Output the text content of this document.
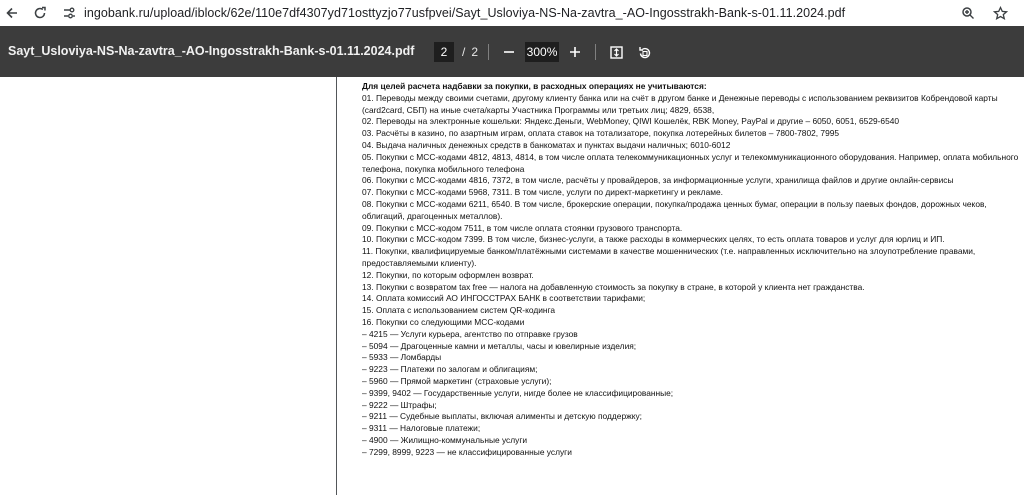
ingobank.ru/upload/iblock/62e/110e7df4307yd71osttyzjo77usfpvei/Sayt_Usloviya-NS-Na-zavtra_-AO-Ingosstrakh-Bank-s-01.11.2024.pdf
Sayt_Usloviya-NS-Na-zavtra_-AO-Ingosstrakh-Bank-s-01.11.2024.pdf	2	/ 2	300%
Для целей расчета надбавки за покупки, в расходных операциях не учитываются:
01. Переводы между своими счетами, другому клиенту банка или на счёт в другом банке и Денежные переводы с использованием реквизитов Кобрендовой карты (card2card, СБП) на иные счета/карты Участника Программы или третьих лиц; 4829, 6538,
02. Переводы на электронные кошельки: Яндекс.Деньги, WebMoney, QIWI Кошелёк, RBK Money, PayPal и другие – 6050, 6051, 6529-6540
03. Расчёты в казино, по азартным играм, оплата ставок на тотализаторе, покупка лотерейных билетов – 7800-7802, 7995
04. Выдача наличных денежных средств в банкоматах и пунктах выдачи наличных; 6010-6012
05. Покупки с МСС-кодами 4812, 4813, 4814, в том числе оплата телекоммуникационных услуг и телекоммуникационного оборудования. Например, оплата мобильного телефона, покупка мобильного телефона
06. Покупки с МСС-кодами 4816, 7372, в том числе, расчёты у провайдеров, за информационные услуги, хранилища файлов и другие онлайн-сервисы
07. Покупки с МСС-кодами 5968, 7311. В том числе, услуги по директ-маркетингу и рекламе.
08. Покупки с МСС-кодами 6211, 6540. В том числе, брокерские операции, покупка/продажа ценных бумаг, операции в пользу паевых фондов, дорожных чеков, облигаций, драгоценных металлов).
09. Покупки с МСС-кодом 7511, в том числе оплата стоянки грузового транспорта.
10. Покупки с МСС-кодом 7399. В том числе, бизнес-услуги, а также расходы в коммерческих целях, то есть оплата товаров и услуг для юрлиц и ИП.
11. Покупки, квалифицируемые банком/платёжными системами в качестве мошеннических (т.е. направленных исключительно на злоупотребление правами, предоставляемыми клиенту).
12. Покупки, по которым оформлен возврат.
13. Покупки с возвратом tax free — налога на добавленную стоимость за покупку в стране, в которой у клиента нет гражданства.
14. Оплата комиссий АО ИНГОССТРАХ БАНК в соответствии тарифами;
15. Оплата с использованием систем QR-кодинга
16. Покупки со следующими МСС-кодами
– 4215 — Услуги курьера, агентство по отправке грузов
– 5094 — Драгоценные камни и металлы, часы и ювелирные изделия;
– 5933 — Ломбарды
– 9223 — Платежи по залогам и облигациям;
– 5960 — Прямой маркетинг (страховые услуги);
– 9399, 9402 — Государственные услуги, нигде более не классифицированные;
– 9222 — Штрафы;
– 9211 — Судебные выплаты, включая алименты и детскую поддержку;
– 9311 — Налоговые платежи;
– 4900 — Жилищно-коммунальные услуги
– 7299, 8999, 9223 — не классифицированные услуги
